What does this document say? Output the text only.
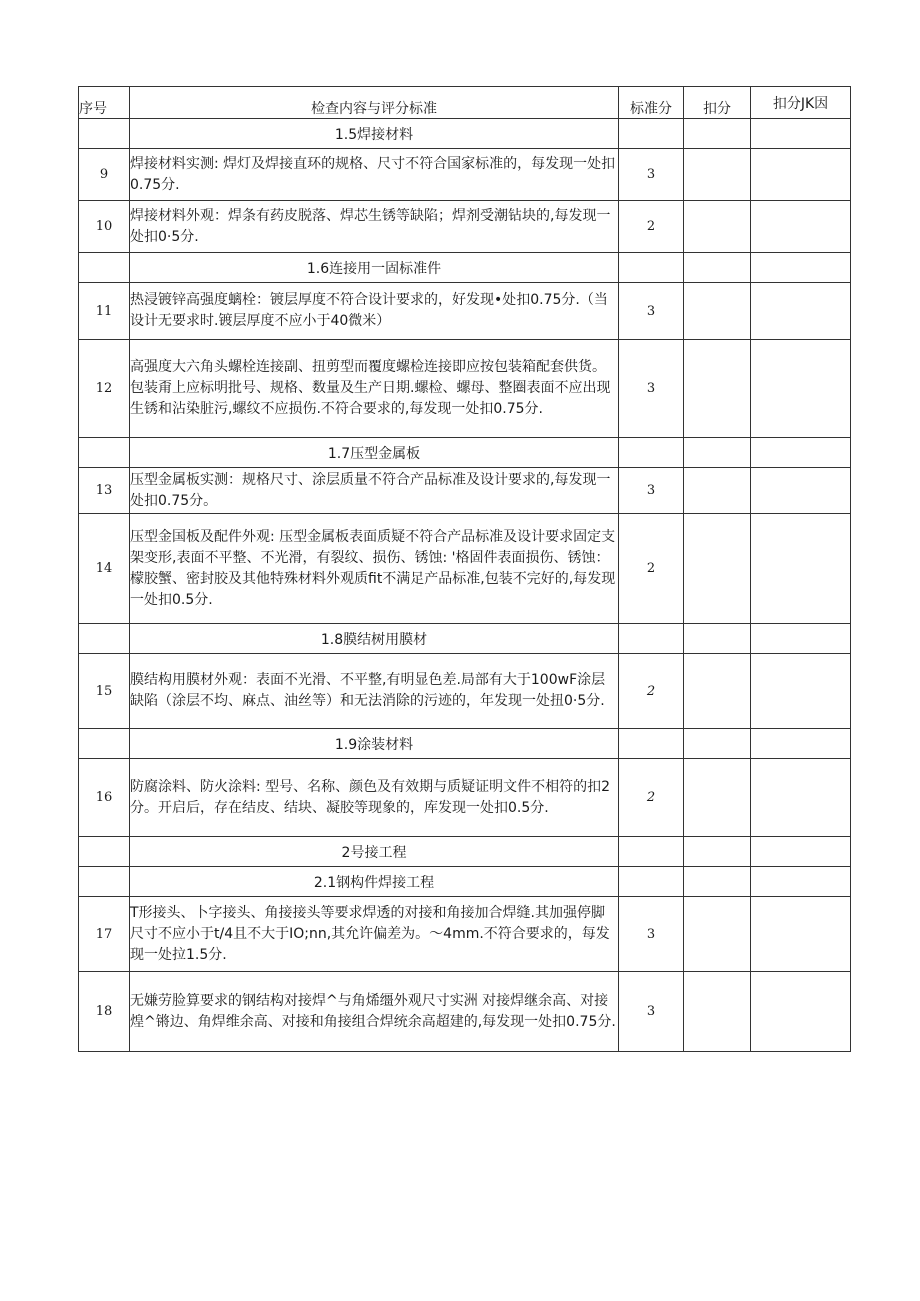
序号	检查内容与评分标准	标准分	扣分	扣分JK因
	1.5焊接材料			
9	焊接材料实测: 焊灯及焊接直环的规格、尺寸不符合国家标准的，每发现一处扣0.75分.	3		
10	焊接材料外观：焊条有药皮脱落、焊芯生锈等缺陷；焊剂受潮钻块的,每发现一处扣0·5分.	2		
	1.6连接用一固标准件			
11	热浸镀锌高强度螭栓：镀层厚度不符合设计要求的，好发现•处扣0.75分.（当设计无要求时.镀层厚度不应小于40微米）	3		
12	高强度大六角头螺栓连接副、扭剪型而覆度螺检连接即应按包装箱配套供货。包装甭上应标明批号、规格、数量及生产日期.螺检、螺母、整圈表面不应出现生锈和沾染脏污,螺纹不应损伤.不符合要求的,每发现一处扣0.75分.	3		
	1.7压型金属板			
13	压型金属板实测：规格尺寸、涂层质量不符合产品标准及设计要求的,每发现一处扣0.75分。	3		
14	压型金国板及配件外观: 压型金属板表面质疑不符合产品标准及设计要求固定支架变形,表面不平整、不光滑，有裂纹、损伤、锈蚀: '格固件表面损伤、锈蚀：檬胶蟹、密封胶及其他特殊材料外观质fit不满足产品标准,包装不完好的,每发现一处扣0.5分.	2		
	1.8膜结树用膜材			
15	膜结构用膜材外观：表面不光滑、不平整,有明显色差.局部有大于100wF涂层缺陷（涂层不均、麻点、油丝等）和无法消除的污迹的，年发现一处扭0·5分.	2		
	1.9涂装材料			
16	防腐涂料、防火涂料: 型号、名称、颜色及有效期与质疑证明文件不相符的扣2分。开启后，存在结皮、结块、凝胶等现象的，库发现一处扣0.5分.	2		
	2号接工程			
	2.1钢构件焊接工程			
17	T形接头、卜字接头、角接接头等要求焊透的对接和角接加合焊缝.其加强停脚尺寸不应小于t/4且不大于IO;nn,其允许偏差为。～4mm.不符合要求的，每发现一处拉1.5分.	3		
18	无嫌劳脸算要求的钢结构对接焊^与角烯缰外观尺寸实洲 对接焊继余高、对接煌^锵边、角焊维余高、对接和角接组合焊统余高超建的,每发现一处扣0.75分.	3		
